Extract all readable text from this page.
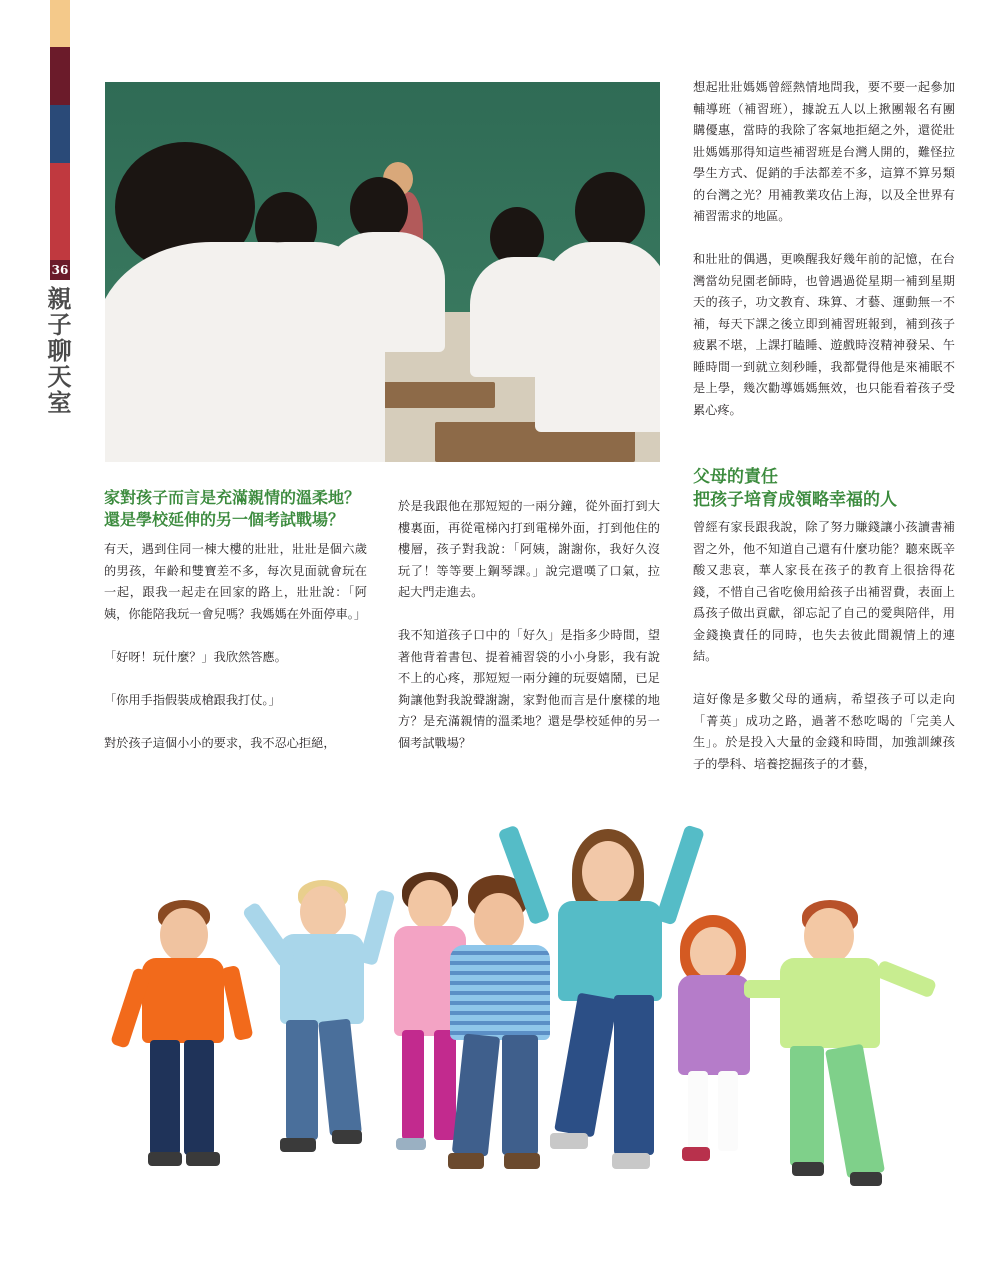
36
親子聊天室
家對孩子而言是充滿親情的溫柔地？
還是學校延伸的另一個考試戰場？

有天，遇到住同一棟大樓的壯壯，壯壯是個六歲的男孩，年齡和雙寶差不多，每次見面就會玩在一起，跟我一起走在回家的路上，壯壯說：「阿姨，你能陪我玩一會兒嗎？我媽媽在外面停車。」

「好呀！玩什麼？」我欣然答應。

「你用手指假裝成槍跟我打仗。」

對於孩子這個小小的要求，我不忍心拒絕，

於是我跟他在那短短的一兩分鐘，從外面打到大樓裏面，再從電梯內打到電梯外面，打到他住的樓層，孩子對我說：「阿姨，謝謝你，我好久沒玩了！等等要上鋼琴課。」說完還嘆了口氣，拉起大門走進去。

我不知道孩子口中的「好久」是指多少時間，望著他背着書包、提着補習袋的小小身影，我有說不上的心疼，那短短一兩分鐘的玩耍嬉鬧，已足夠讓他對我說聲謝謝，家對他而言是什麼樣的地方？是充滿親情的溫柔地？還是學校延伸的另一個考試戰場？

想起壯壯媽媽曾經熱情地問我，要不要一起參加輔導班（補習班），據說五人以上揪團報名有團購優惠，當時的我除了客氣地拒絕之外，還從壯壯媽媽那得知這些補習班是台灣人開的，難怪拉學生方式、促銷的手法都差不多，這算不算另類的台灣之光？用補教業攻佔上海，以及全世界有補習需求的地區。

和壯壯的偶遇，更喚醒我好幾年前的記憶，在台灣當幼兒園老師時，也曾遇過從星期一補到星期天的孩子，功文教育、珠算、才藝、運動無一不補，每天下課之後立即到補習班報到，補到孩子疲累不堪，上課打瞌睡、遊戲時沒精神發呆、午睡時間一到就立刻秒睡，我都覺得他是來補眠不是上學，幾次勸導媽媽無效，也只能看着孩子受累心疼。

父母的責任
把孩子培育成領略幸福的人

曾經有家長跟我說，除了努力賺錢讓小孩讀書補習之外，他不知道自己還有什麼功能？聽來既辛酸又悲哀，華人家長在孩子的教育上很捨得花錢，不惜自己省吃儉用給孩子出補習費，表面上爲孩子做出貢獻，卻忘記了自己的愛與陪伴，用金錢換責任的同時，也失去彼此間親情上的連結。

這好像是多數父母的通病，希望孩子可以走向「菁英」成功之路，過著不愁吃喝的「完美人生」。於是投入大量的金錢和時間，加強訓練孩子的學科、培養挖掘孩子的才藝，
